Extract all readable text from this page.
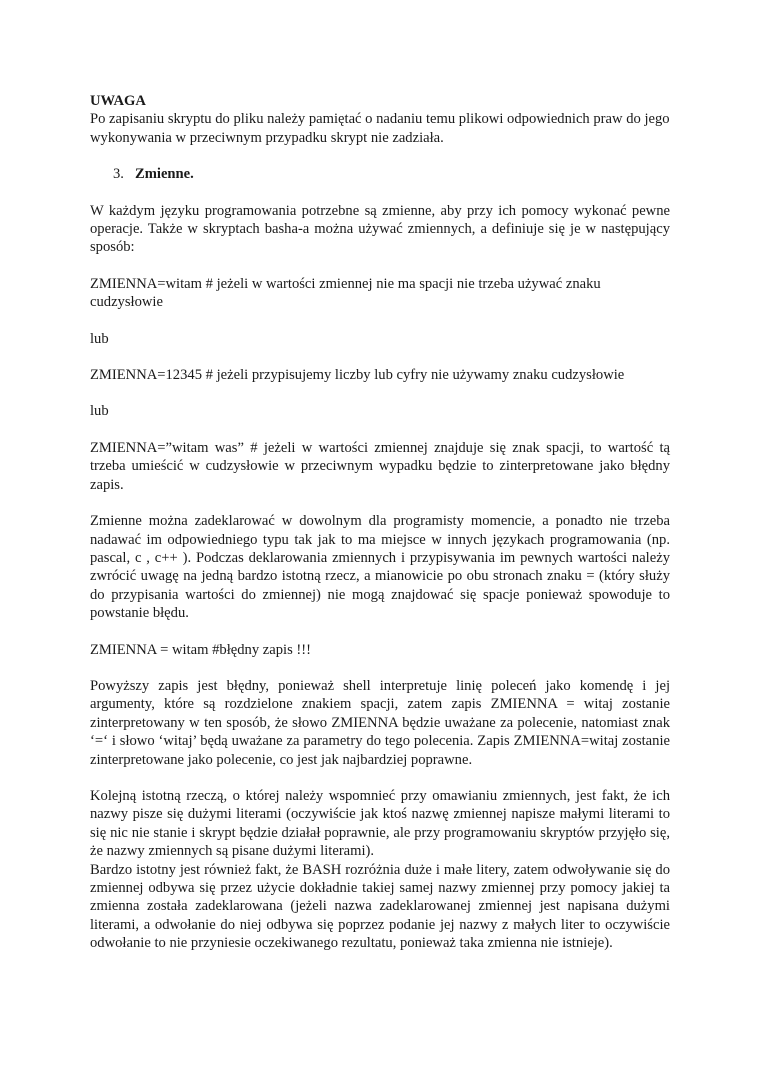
UWAGA

Po zapisaniu skryptu do pliku należy pamiętać o nadaniu temu plikowi odpowiednich praw do jego wykonywania w przeciwnym przypadku skrypt nie zadziała.

3. Zmienne.

W każdym języku programowania potrzebne są zmienne, aby przy ich pomocy wykonać pewne operacje. Także w skryptach basha-a można używać zmiennych, a definiuje się je w następujący sposób:

ZMIENNA=witam # jeżeli w wartości zmiennej nie ma spacji nie trzeba używać znaku cudzysłowie

lub

ZMIENNA=12345 # jeżeli przypisujemy liczby lub cyfry nie używamy znaku cudzysłowie

lub

ZMIENNA=”witam was” # jeżeli w wartości zmiennej znajduje się znak spacji, to wartość tą trzeba umieścić w cudzysłowie w przeciwnym wypadku będzie to zinterpretowane jako błędny zapis.

Zmienne można zadeklarować w dowolnym dla programisty momencie, a ponadto nie trzeba nadawać im odpowiedniego typu tak jak to ma miejsce w innych językach programowania (np. pascal, c , c++ ). Podczas deklarowania zmiennych i przypisywania im pewnych wartości należy zwrócić uwagę na jedną bardzo istotną rzecz, a mianowicie po obu stronach znaku = (który służy do przypisania wartości do zmiennej) nie mogą znajdować się spacje ponieważ spowoduje to powstanie błędu.

ZMIENNA = witam #błędny zapis !!!

Powyższy zapis jest błędny, ponieważ shell interpretuje linię poleceń jako komendę i jej argumenty, które są rozdzielone znakiem spacji, zatem zapis ZMIENNA = witaj zostanie zinterpretowany w ten sposób, że słowo ZMIENNA będzie uważane za polecenie, natomiast znak ‘=‘ i słowo ‘witaj’ będą uważane za parametry do tego polecenia. Zapis ZMIENNA=witaj zostanie zinterpretowane jako polecenie, co jest jak najbardziej poprawne.

Kolejną istotną rzeczą, o której należy wspomnieć przy omawianiu zmiennych, jest fakt, że ich nazwy pisze się dużymi literami (oczywiście jak ktoś nazwę zmiennej napisze małymi literami to się nic nie stanie i skrypt będzie działał poprawnie, ale przy programowaniu skryptów przyjęło się, że nazwy zmiennych są pisane dużymi literami).

Bardzo istotny jest również fakt, że BASH rozróżnia duże i małe litery, zatem odwoływanie się do zmiennej odbywa się przez użycie dokładnie takiej samej nazwy zmiennej przy pomocy jakiej ta zmienna została zadeklarowana (jeżeli nazwa zadeklarowanej zmiennej jest napisana dużymi literami, a odwołanie do niej odbywa się poprzez podanie jej nazwy z małych liter to oczywiście odwołanie to nie przyniesie oczekiwanego rezultatu, ponieważ taka zmienna nie istnieje).
